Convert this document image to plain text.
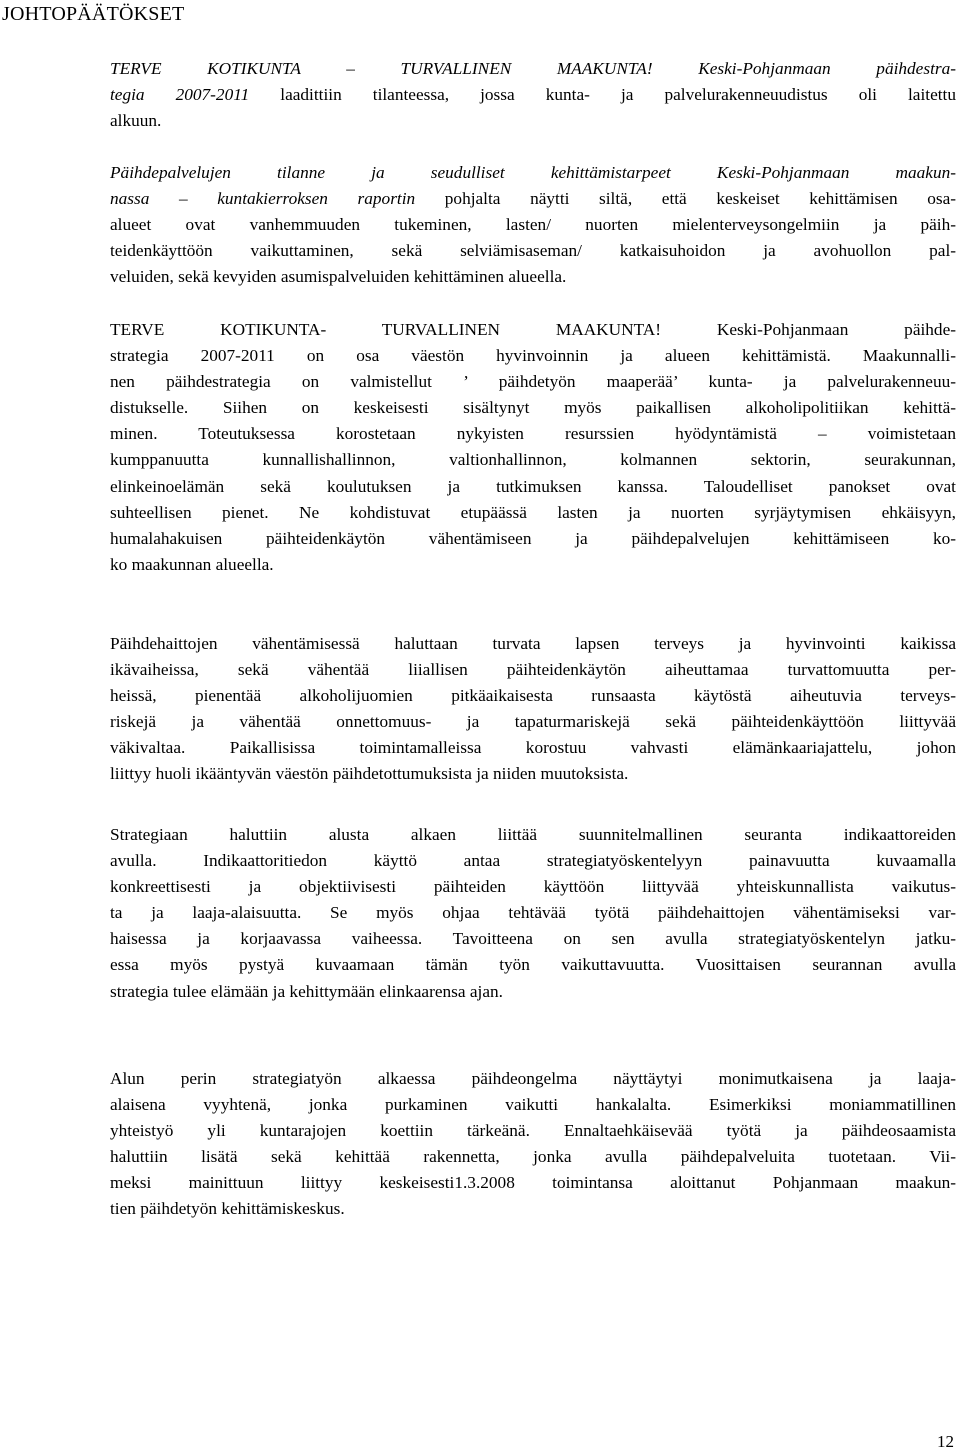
JOHTOPÄÄTÖKSET

TERVE KOTIKUNTA – TURVALLINEN MAAKUNTA! Keski-Pohjanmaan päihdestra-
tegia 2007-2011 laadittiin tilanteessa, jossa kunta- ja palvelurakenneuudistus oli laitettu
alkuun.

Päihdepalvelujen tilanne ja seudulliset kehittämistarpeet Keski-Pohjanmaan maakun-
nassa – kuntakierroksen raportin pohjalta näytti siltä, että keskeiset kehittämisen osa-
alueet ovat vanhemmuuden tukeminen, lasten/ nuorten mielenterveysongelmiin ja päih-
teidenkäyttöön vaikuttaminen, sekä selviämisaseman/ katkaisuhoidon ja avohuollon pal-
veluiden, sekä kevyiden asumispalveluiden kehittäminen alueella.

TERVE KOTIKUNTA- TURVALLINEN MAAKUNTA! Keski-Pohjanmaan päihde-
strategia 2007-2011 on osa väestön hyvinvoinnin ja alueen kehittämistä. Maakunnalli-
nen päihdestrategia on valmistellut ’ päihdetyön maaperää’ kunta- ja palvelurakenneuu-
distukselle. Siihen on keskeisesti sisältynyt myös paikallisen alkoholipolitiikan kehittä-
minen. Toteutuksessa korostetaan nykyisten resurssien hyödyntämistä – voimistetaan
kumppanuutta kunnallishallinnon, valtionhallinnon, kolmannen sektorin, seurakunnan,
elinkeinoelämän sekä koulutuksen ja tutkimuksen kanssa. Taloudelliset panokset ovat
suhteellisen pienet. Ne kohdistuvat etupäässä lasten ja nuorten syrjäytymisen ehkäisyyn,
humalahakuisen päihteidenkäytön vähentämiseen ja päihdepalvelujen kehittämiseen ko-
ko maakunnan alueella.

Päihdehaittojen vähentämisessä haluttaan turvata lapsen terveys ja hyvinvointi kaikissa
ikävaiheissa, sekä vähentää liiallisen päihteidenkäytön aiheuttamaa turvattomuutta per-
heissä, pienentää alkoholijuomien pitkäaikaisesta runsaasta käytöstä aiheutuvia terveys-
riskejä ja vähentää onnettomuus- ja tapaturmariskejä sekä päihteidenkäyttöön liittyvää
väkivaltaa. Paikallisissa toimintamalleissa korostuu vahvasti elämänkaariajattelu, johon
liittyy huoli ikääntyvän väestön päihdetottumuksista ja niiden muutoksista.

Strategiaan haluttiin alusta alkaen liittää suunnitelmallinen seuranta indikaattoreiden
avulla. Indikaattoritiedon käyttö antaa strategiatyöskentelyyn painavuutta kuvaamalla
konkreettisesti ja objektiivisesti päihteiden käyttöön liittyvää yhteiskunnallista vaikutus-
ta ja laaja-alaisuutta. Se myös ohjaa tehtävää työtä päihdehaittojen vähentämiseksi var-
haisessa ja korjaavassa vaiheessa. Tavoitteena on sen avulla strategiatyöskentelyn jatku-
essa myös pystyä kuvaamaan tämän työn vaikuttavuutta. Vuosittaisen seurannan avulla
strategia tulee elämään ja kehittymään elinkaarensa ajan.

Alun perin strategiatyön alkaessa päihdeongelma näyttäytyi monimutkaisena ja laaja-
alaisena vyyhtenä, jonka purkaminen vaikutti hankalalta. Esimerkiksi moniammatillinen
yhteistyö yli kuntarajojen koettiin tärkeänä. Ennaltaehkäisevää työtä ja päihdeosaamista
haluttiin lisätä sekä kehittää rakennetta, jonka avulla päihdepalveluita tuotetaan. Vii-
meksi mainittuun liittyy keskeisesti1.3.2008 toimintansa aloittanut Pohjanmaan maakun-
tien päihdetyön kehittämiskeskus.

12
